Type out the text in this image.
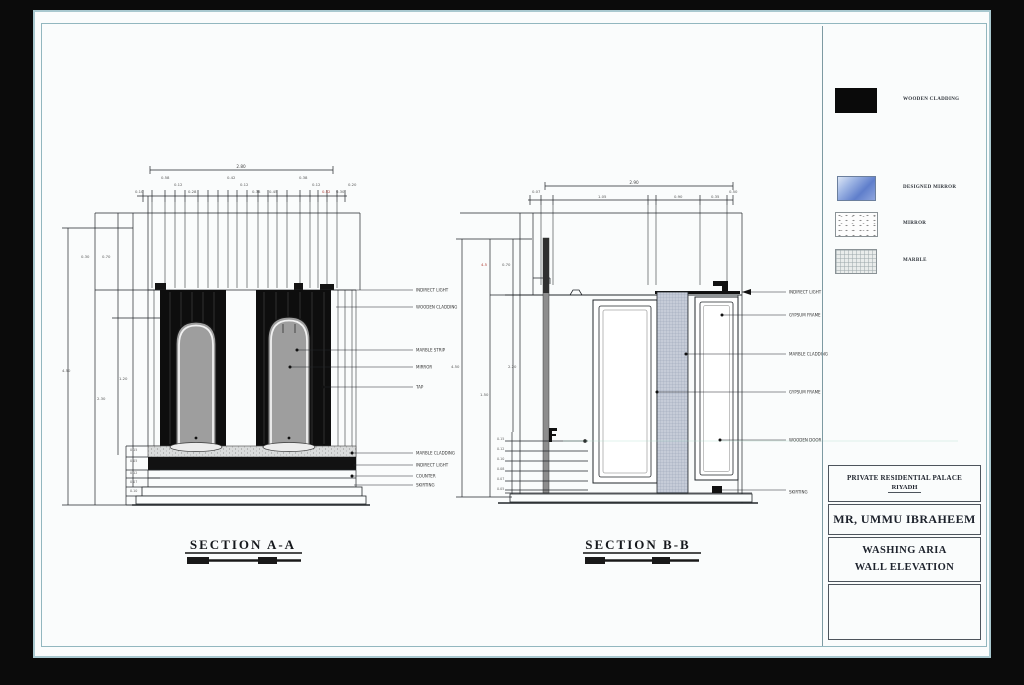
2.80
0.10
0.58
0.12
0.28
0.42
0.12
0.38 0.45
0.38
0.12
0.52 0.30
0.20
0.30	0.70
4.50
2.30
1.20
0.15
0.05
0.12
0.07
0.10
INDIRECT LIGHT
WOODEN CLADDING
MARBLE STRIP
MIRROR
TAP
MARBLE CLADDING
INDIRECT LIGHT
COUNTER
SKIRTING
SECTION A-A
2.90
0.07
1.05	0.90	0.35
0.50
4.5	0.70
4.50	2.20
1.50
0.15
0.12
0.10
0.08
0.07
0.05
INDIRECT LIGHT
GYPSUM FRAME
MARBLE CLADDING
GYPSUM FRAME
WOODEN DOOR
SKIRTING
SECTION B-B
WOODEN CLADDING
DESIGNED MIRROR
MIRROR
MARBLE
PRIVATE RESIDENTIAL PALACE
RIYADH
MR, UMMU IBRAHEEM
WASHING ARIA
WALL ELEVATION
